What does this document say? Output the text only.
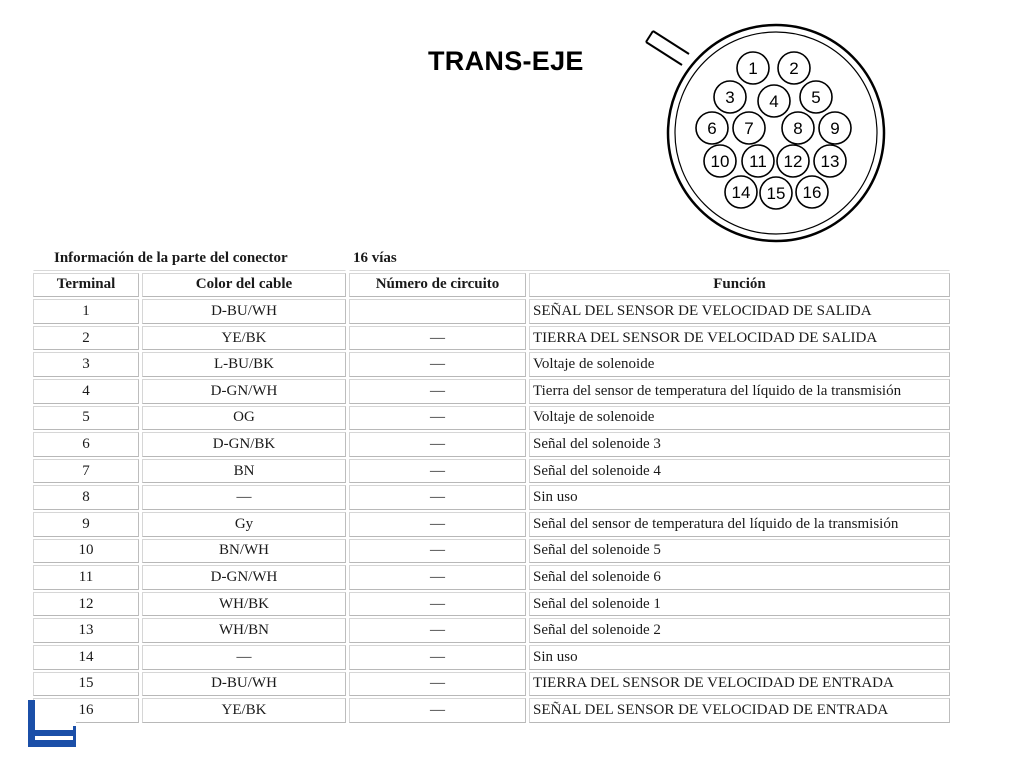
TRANS-EJE	1 2
3 4 5
6 7 8 9
10 11 12 13
14 15 16
Información de la parte del conector		16 vías	
Terminal	Color del cable	Número de circuito	Función
1	D-BU/WH		SEÑAL DEL SENSOR DE VELOCIDAD DE SALIDA
2	YE/BK	—	TIERRA DEL SENSOR DE VELOCIDAD DE SALIDA
3	L-BU/BK	—	Voltaje de solenoide
4	D-GN/WH	—	Tierra del sensor de temperatura del líquido de la transmisión
5	OG	—	Voltaje de solenoide
6	D-GN/BK	—	Señal del solenoide 3
7	BN	—	Señal del solenoide 4
8	—	—	Sin uso
9	Gy	—	Señal del sensor de temperatura del líquido de la transmisión
10	BN/WH	—	Señal del solenoide 5
11	D-GN/WH	—	Señal del solenoide 6
12	WH/BK	—	Señal del solenoide 1
13	WH/BN	—	Señal del solenoide 2
14	—	—	Sin uso
15	D-BU/WH	—	TIERRA DEL SENSOR DE VELOCIDAD DE ENTRADA
16	YE/BK	—	SEÑAL DEL SENSOR DE VELOCIDAD DE ENTRADA
